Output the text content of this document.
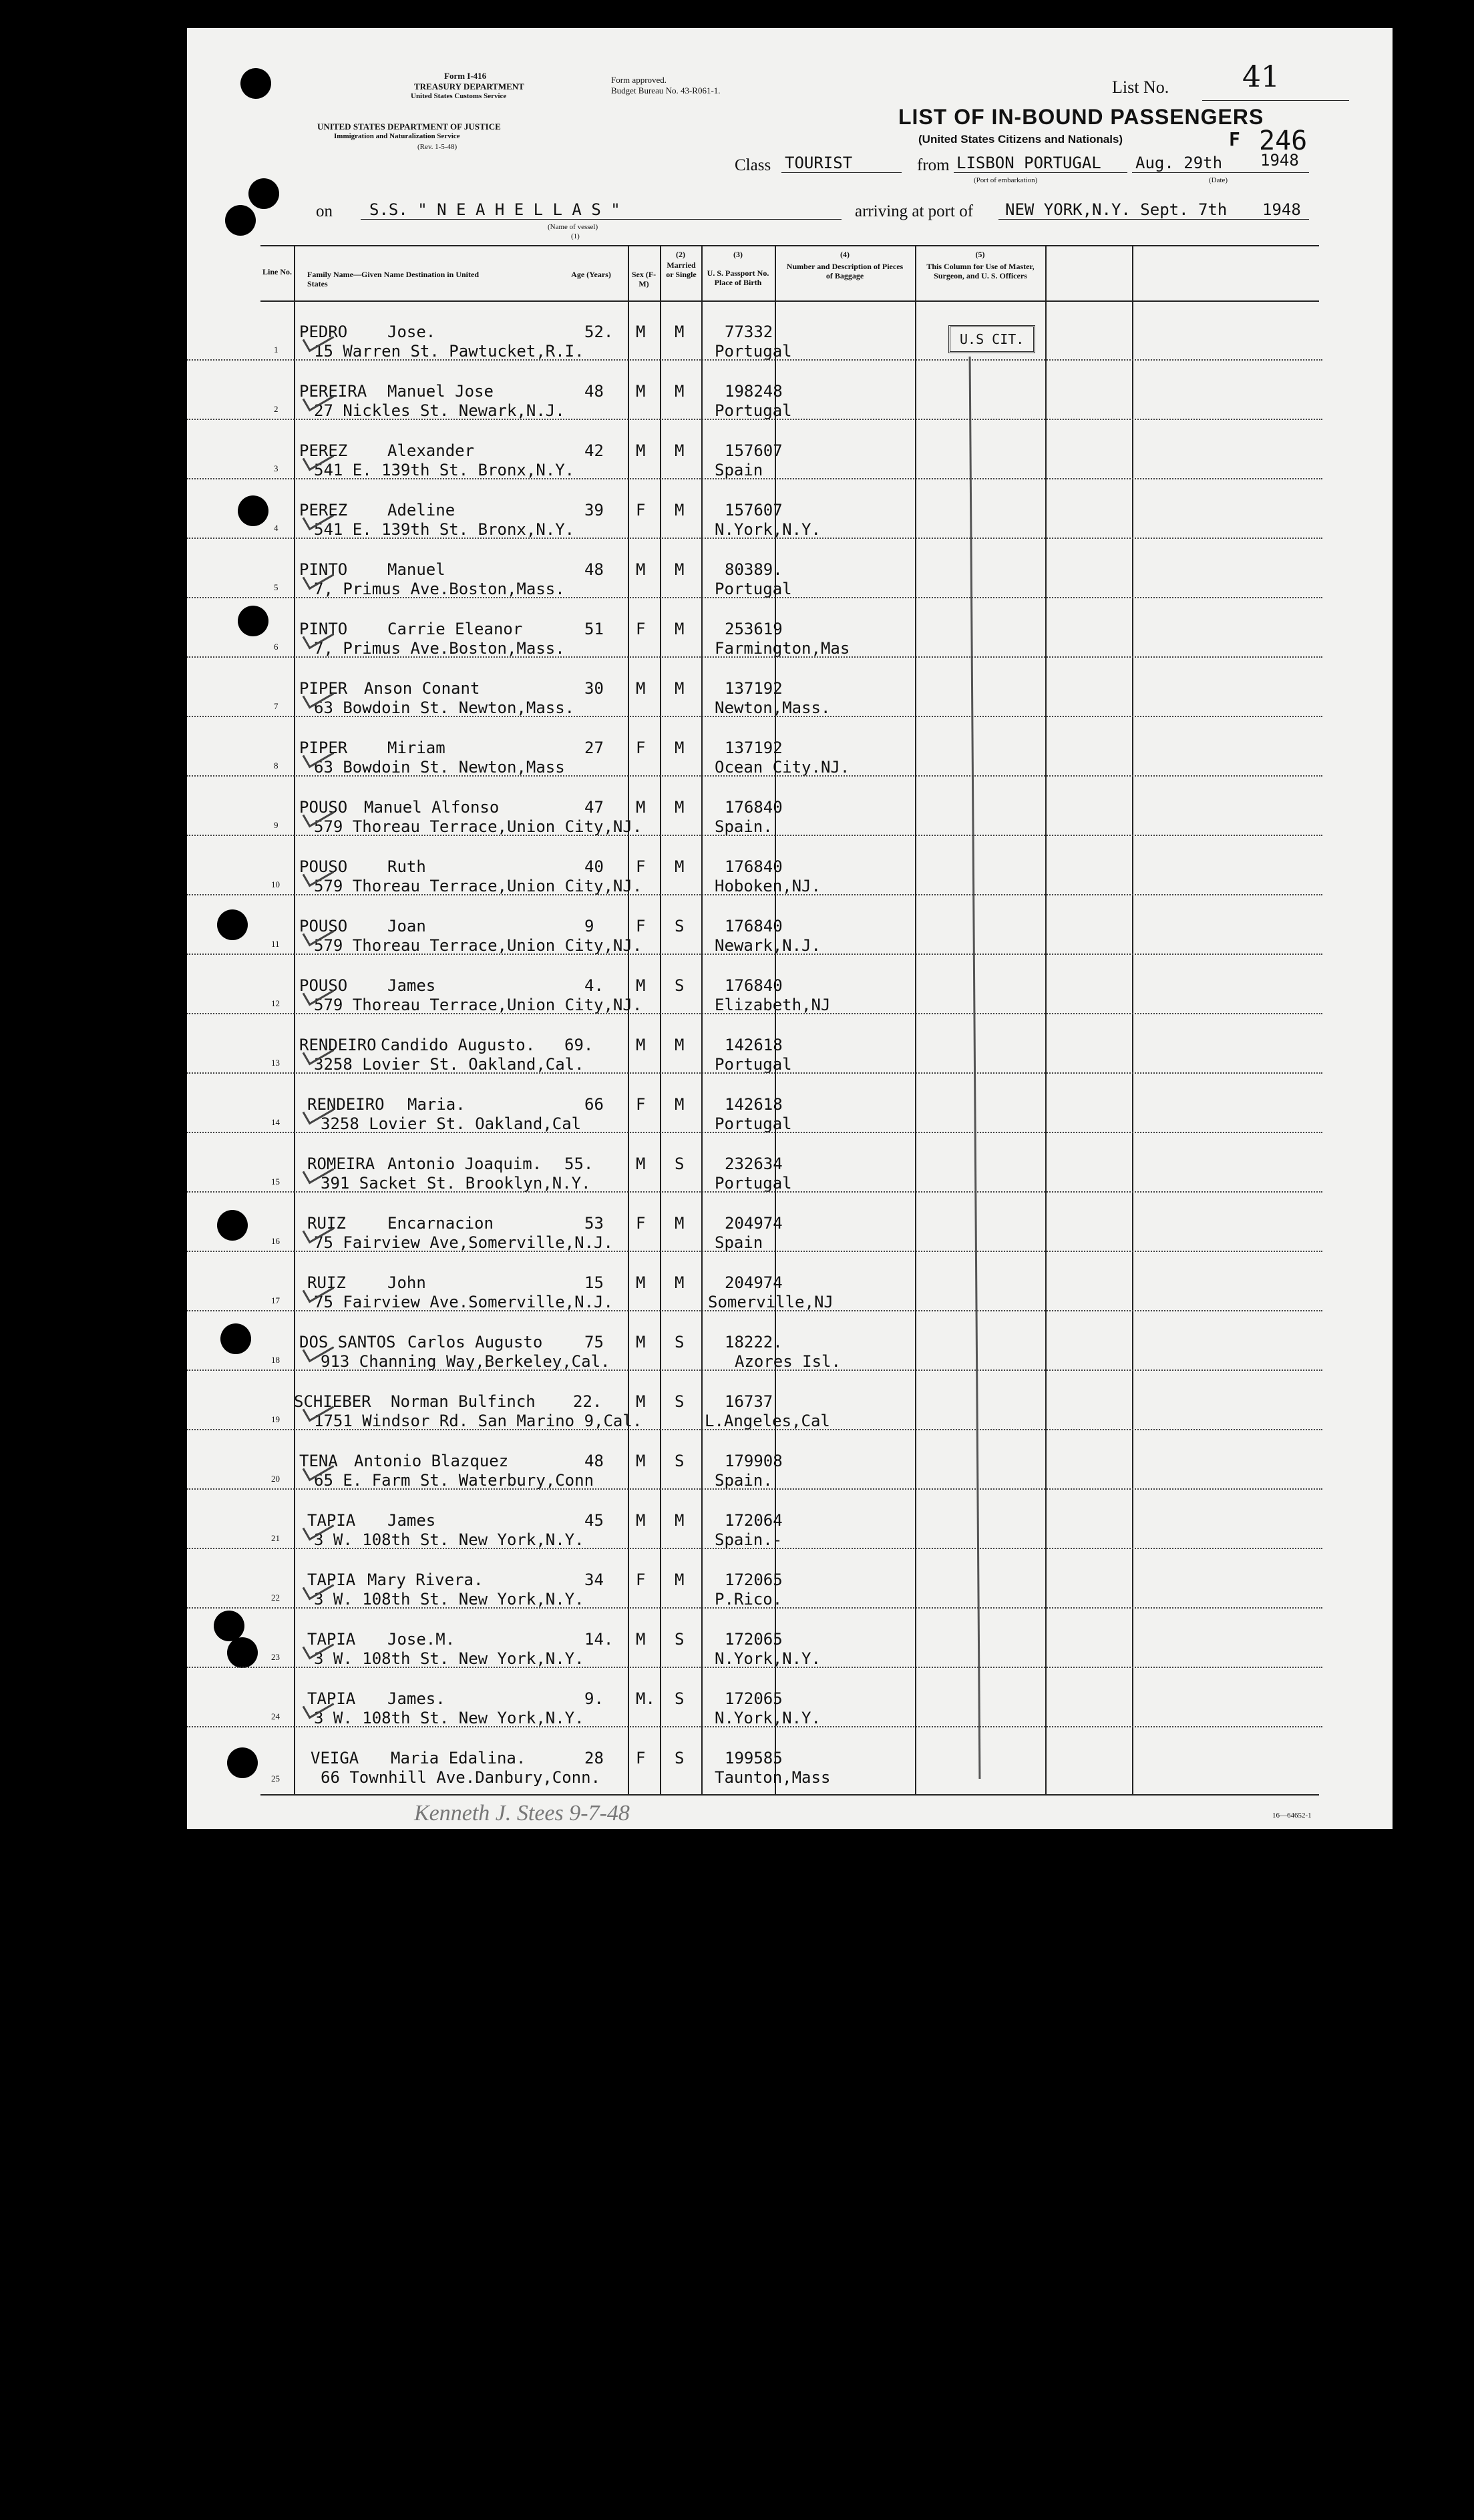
Form I-416
TREASURY DEPARTMENT
United States Customs Service
UNITED STATES DEPARTMENT OF JUSTICE
Immigration and Naturalization Service
(Rev. 1-5-48)
Form approved.
Budget Bureau No. 43-R061-1.	List No. 41
LIST OF IN-BOUND PASSENGERS
(United States Citizens and Nationals)	F 246
Class TOURIST	from LISBON PORTUGAL
(Port of embarkation)
Aug. 29th 1948
(Date)
on S.S. " N E A H E L L A S "
(Name of vessel)
(1)
arriving at port of NEW YORK,N.Y. Sept. 7th 1948
Line No. Family Name—Given Name Destination in United States
Age (Years)	Sex (F-M)
(2)
Married or Single
(3)
U. S. Passport No. Place of Birth
(4)
Number and Description of Pieces of Baggage
(5)
This Column for Use of Master, Surgeon, and U. S. Officers
U.S CIT.
1
PEDRO Jose.	52. M M
15 Warren St. Pawtucket,R.I.
77332
Portugal
2
PEREIRA Manuel Jose	48 M M
27 Nickles St. Newark,N.J.
198248
Portugal
3
PEREZ Alexander	42 M M
541 E. 139th St. Bronx,N.Y.
157607
Spain
4
PEREZ Adeline	39 F M
541 E. 139th St. Bronx,N.Y.
157607
N.York,N.Y.
5
PINTO Manuel	48 M M
7, Primus Ave.Boston,Mass.
80389.
Portugal
6
PINTO Carrie Eleanor	51 F M
7, Primus Ave.Boston,Mass.
253619
Farmington,Mas
7
PIPER Anson Conant	30 M M
63 Bowdoin St. Newton,Mass.
137192
Newton,Mass.
8
PIPER Miriam	27 F M
63 Bowdoin St. Newton,Mass
137192
Ocean City.NJ.
9
POUSO Manuel Alfonso	47 M M
579 Thoreau Terrace,Union City,NJ.
176840
Spain.
10
POUSO Ruth	40 F M
579 Thoreau Terrace,Union City,NJ.
176840
Hoboken,NJ.
11
POUSO Joan	9	F S
579 Thoreau Terrace,Union City,NJ.
176840
Newark,N.J.
12
POUSO James	4. M S
579 Thoreau Terrace,Union City,NJ.
176840
Elizabeth,NJ
13
RENDEIRO Candido Augusto. 69.	M M
3258 Lovier St. Oakland,Cal.
142618
Portugal
14
RENDEIRO Maria.	66 F M
3258 Lovier St. Oakland,Cal
142618
Portugal
15
ROMEIRA Antonio Joaquim. 55.	M S
391 Sacket St. Brooklyn,N.Y.
232634
Portugal
16
RUIZ	Encarnacion	53 F M
75 Fairview Ave,Somerville,N.J.
204974
Spain
17
RUIZ	John	15 M M
75 Fairview Ave.Somerville,N.J.
204974
Somerville,NJ
18
DOS SANTOS Carlos Augusto	75 M S
913 Channing Way,Berkeley,Cal.
18222.
Azores Isl.
19
SCHIEBER Norman Bulfinch 22. M S
1751 Windsor Rd. San Marino 9,Cal.
16737
L.Angeles,Cal
20
TENA Antonio Blazquez	48 M S
65 E. Farm St. Waterbury,Conn
179908
Spain.
21
TAPIA James	45 M M
3 W. 108th St. New York,N.Y.
172064
Spain.-
22
TAPIA Mary Rivera.	34 F M
3 W. 108th St. New York,N.Y.
172065
P.Rico.
23
TAPIA Jose.M.	14. M S
3 W. 108th St. New York,N.Y.
172065
N.York,N.Y.
24
TAPIA James.	9. M. S
3 W. 108th St. New York,N.Y.
172065
N.York,N.Y.
25
VEIGA Maria Edalina.	28 F S
66 Townhill Ave.Danbury,Conn.
199585
Taunton,Mass
16—64652-1
Kenneth J. Stees 9-7-48
